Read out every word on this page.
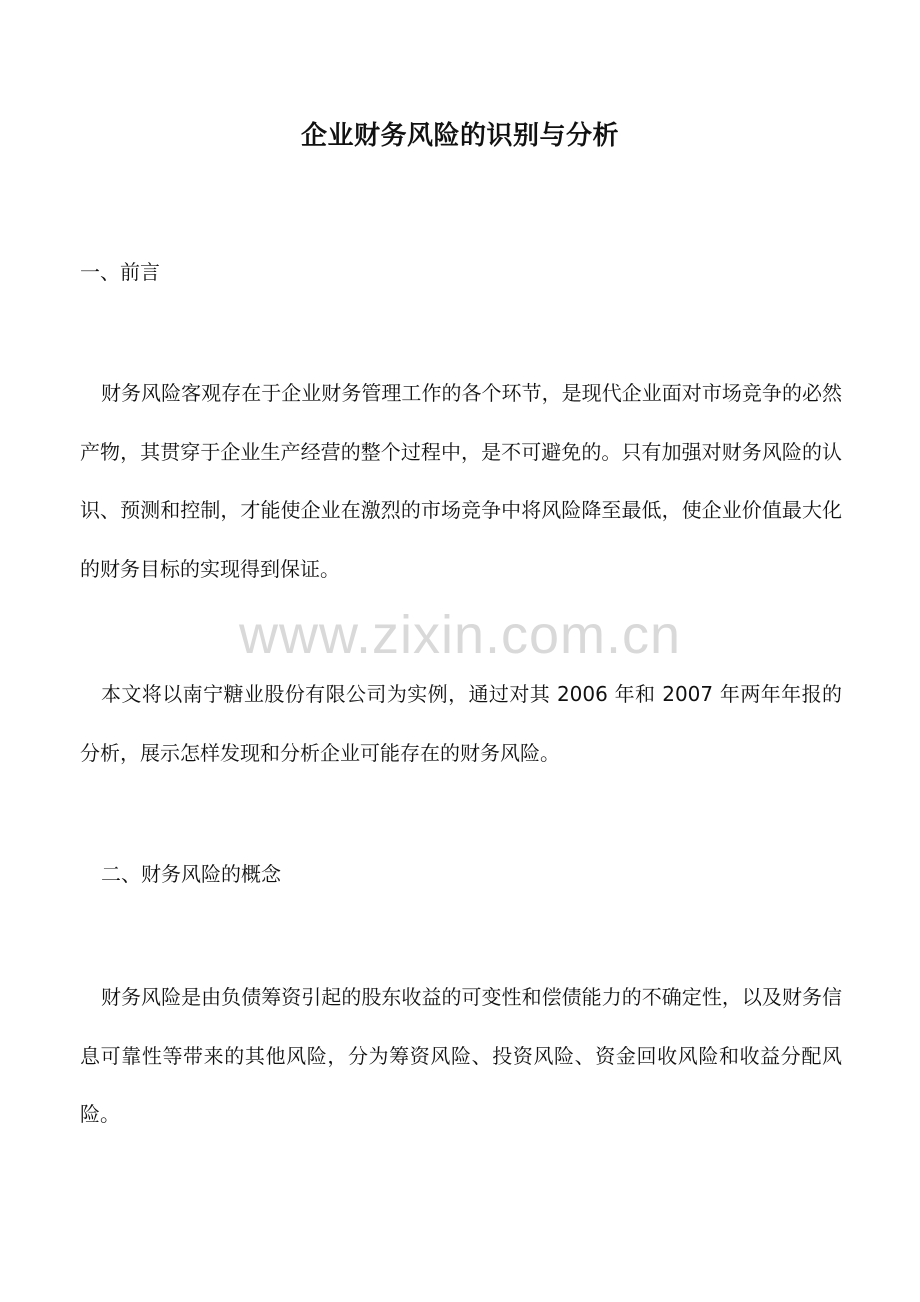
企业财务风险的识别与分析
一、前言

财务风险客观存在于企业财务管理工作的各个环节，是现代企业面对市场竞争的必然产物，其贯穿于企业生产经营的整个过程中，是不可避免的。只有加强对财务风险的认识、预测和控制，才能使企业在激烈的市场竞争中将风险降至最低，使企业价值最大化的财务目标的实现得到保证。

www.zixin.com.cn

本文将以南宁糖业股份有限公司为实例，通过对其 2006 年和 2007 年两年年报的分析，展示怎样发现和分析企业可能存在的财务风险。

二、财务风险的概念

财务风险是由负债筹资引起的股东收益的可变性和偿债能力的不确定性，以及财务信息可靠性等带来的其他风险，分为筹资风险、投资风险、资金回收风险和收益分配风险。
